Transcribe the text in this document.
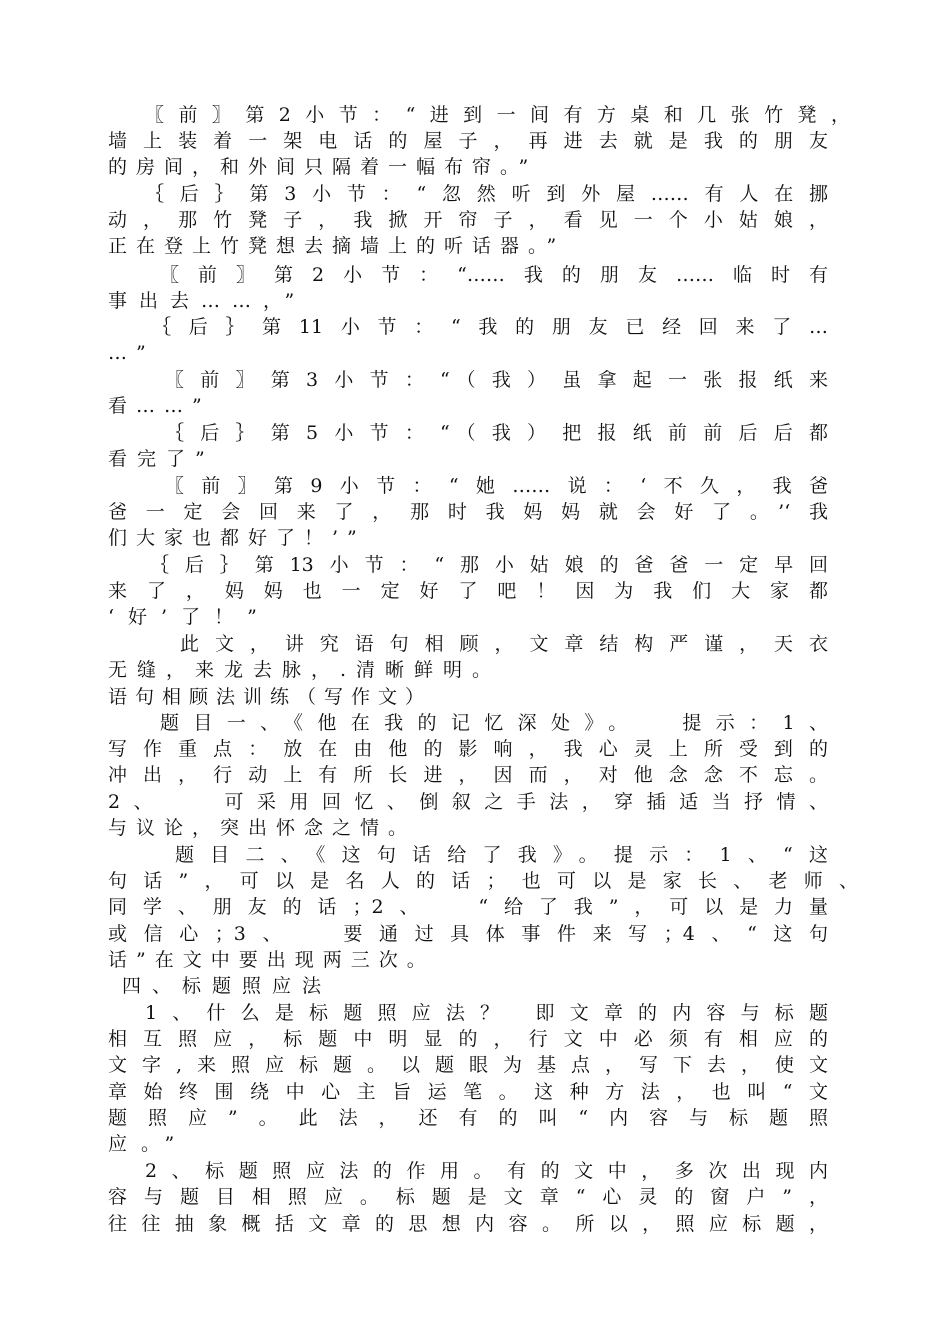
〖前〗第2小节：“进到一间有方桌和几张竹凳，
墙上装着一架电话的屋子，再进去就是我的朋友
的房间，和外间只隔着一幅布帘。”
｛后｝第3小节：“忽然听到外屋……有人在挪
动，那竹凳子，我掀开帘子，看见一个小姑娘，
正在登上竹凳想去摘墙上的听话器。”
〖前〗第2小节：“……我的朋友……临时有
事出去……，”
｛后｝第11小节：“我的朋友已经回来了…
…”
〖前〗第3小节：“（我）虽拿起一张报纸来
看……”
｛后｝第5小节：“（我）把报纸前前后后都
看完了”
〖前〗第9小节：“她……说：‘不久，我爸
爸一定会回来了，那时我妈妈就会好了。’‘我
们大家也都好了！’”
｛后｝第13小节：“那小姑娘的爸爸一定早回
来了，妈妈也一定好了吧！因为我们大家都
‘好’了！”
此文，讲究语句相顾，文章结构严谨，天衣
无缝，来龙去脉，.清晰鲜明。
语句相顾法训练（写作文）
题目一、《他在我的记忆深处》。  提示：1、
写作重点：放在由他的影响，我心灵上所受到的
冲出，行动上有所长进，因而，对他念念不忘。
2、   可采用回忆、倒叙之手法，穿插适当抒情、
与议论，突出怀念之情。
题目二、《这句话给了我》。提示：1、“这
句话”，可以是名人的话；也可以是家长、老师、
同学、朋友的话；2、  “给了我”，可以是力量
或信心；3、  要通过具体事件来写；4、“这句
话”在文中要出现两三次。
四、标题照应法
1、什么是标题照应法？ 即文章的内容与标题
相互照应，标题中明显的，行文中必须有相应的
文字,来照应标题。以题眼为基点，写下去，使文
章始终围绕中心主旨运笔。这种方法，也叫“文
题照应”。此法，还有的叫“内容与标题照
应。”
2、标题照应法的作用。有的文中，多次出现内
容与题目相照应。标题是文章“心灵的窗户”，
往往抽象概括文章的思想内容。所以，照应标题，
